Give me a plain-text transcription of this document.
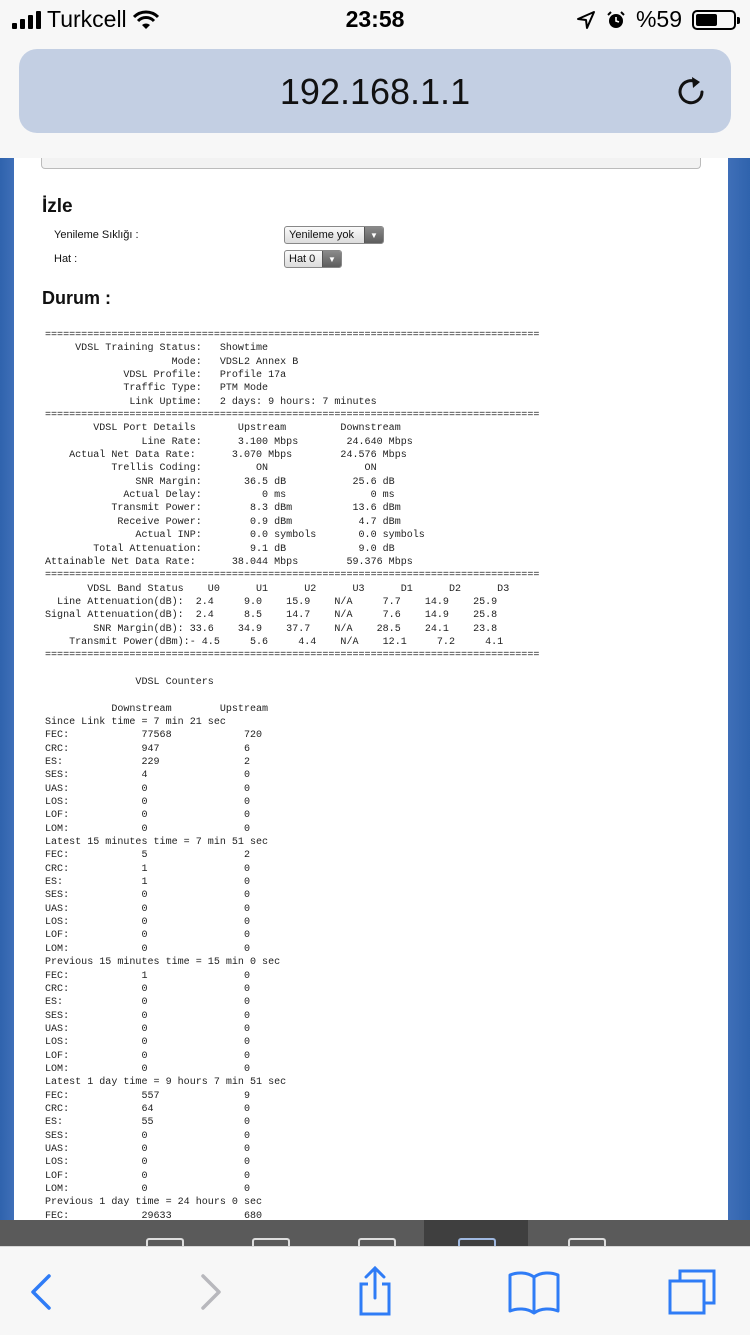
Turkcell	23:58	%59
192.168.1.1
İzle
Yenileme Sıklığı :	Yenileme yok	▼
Hat :	Hat 0	▼
Durum :
==================================================================================
VDSL Training Status:   Showtime
Mode:   VDSL2 Annex B
VDSL Profile:   Profile 17a
Traffic Type:   PTM Mode
Link Uptime:   2 days: 9 hours: 7 minutes
==================================================================================
VDSL Port Details       Upstream         Downstream
Line Rate:      3.100 Mbps        24.640 Mbps
Actual Net Data Rate:      3.070 Mbps        24.576 Mbps
Trellis Coding:         ON                ON
SNR Margin:       36.5 dB           25.6 dB
Actual Delay:          0 ms              0 ms
Transmit Power:        8.3 dBm          13.6 dBm
Receive Power:        0.9 dBm           4.7 dBm
Actual INP:        0.0 symbols       0.0 symbols
Total Attenuation:        9.1 dB            9.0 dB
Attainable Net Data Rate:      38.044 Mbps        59.376 Mbps
==================================================================================
VDSL Band Status    U0      U1      U2      U3      D1      D2      D3
Line Attenuation(dB):  2.4     9.0    15.9    N/A     7.7    14.9    25.9
Signal Attenuation(dB):  2.4     8.5    14.7    N/A     7.6    14.9    25.8
SNR Margin(dB): 33.6    34.9    37.7    N/A    28.5    24.1    23.8
Transmit Power(dBm):- 4.5     5.6     4.4    N/A    12.1     7.2     4.1
==================================================================================

VDSL Counters

Downstream        Upstream
Since Link time = 7 min 21 sec
FEC:            77568            720
CRC:            947              6
ES:             229              2
SES:            4                0
UAS:            0                0
LOS:            0                0
LOF:            0                0
LOM:            0                0
Latest 15 minutes time = 7 min 51 sec
FEC:            5                2
CRC:            1                0
ES:             1                0
SES:            0                0
UAS:            0                0
LOS:            0                0
LOF:            0                0
LOM:            0                0
Previous 15 minutes time = 15 min 0 sec
FEC:            1                0
CRC:            0                0
ES:             0                0
SES:            0                0
UAS:            0                0
LOS:            0                0
LOF:            0                0
LOM:            0                0
Latest 1 day time = 9 hours 7 min 51 sec
FEC:            557              9
CRC:            64               0
ES:             55               0
SES:            0                0
UAS:            0                0
LOS:            0                0
LOF:            0                0
LOM:            0                0
Previous 1 day time = 24 hours 0 sec
FEC:            29633            680
